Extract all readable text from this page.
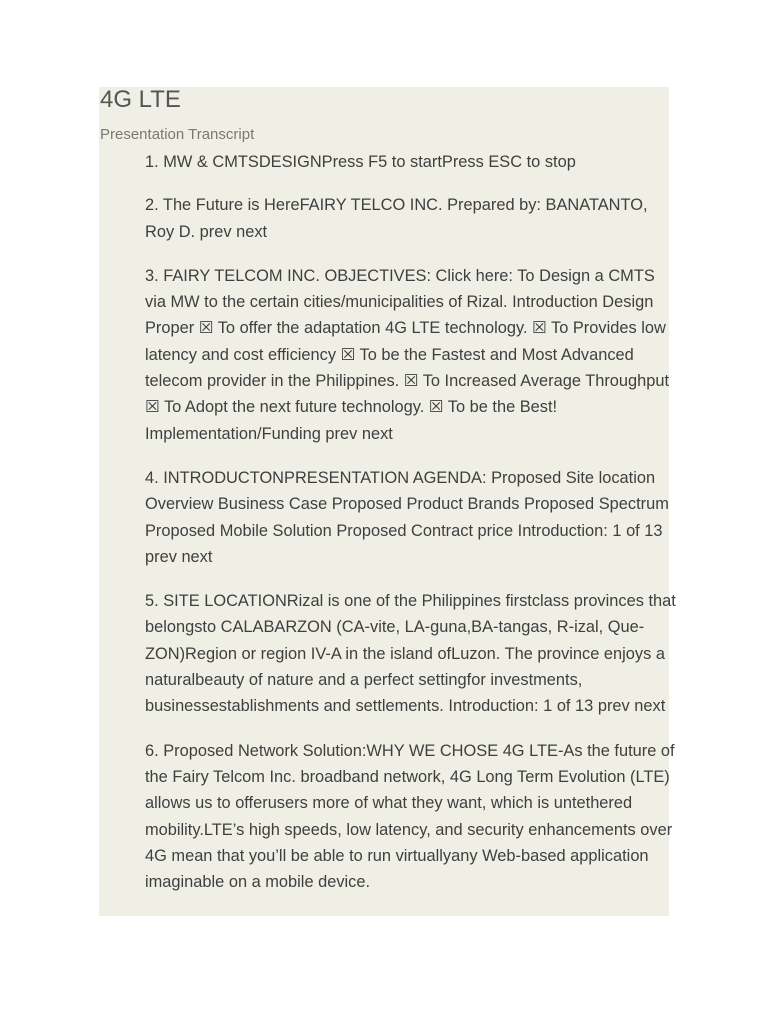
4G LTE
Presentation Transcript

1. MW & CMTSDESIGNPress F5 to startPress ESC to stop

2. The Future is HereFAIRY TELCO INC. Prepared by: BANATANTO, Roy D. prev next

3. FAIRY TELCOM INC. OBJECTIVES: Click here: To Design a CMTS via MW to the certain cities/municipalities of Rizal. Introduction Design Proper ☒ To offer the adaptation 4G LTE technology. ☒ To Provides low latency and cost efficiency ☒ To be the Fastest and Most Advanced telecom provider in the Philippines. ☒ To Increased Average Throughput ☒ To Adopt the next future technology. ☒ To be the Best! Implementation/Funding prev next

4. INTRODUCTONPRESENTATION AGENDA: Proposed Site location Overview Business Case Proposed Product Brands Proposed Spectrum Proposed Mobile Solution Proposed Contract price Introduction: 1 of 13 prev next

5. SITE LOCATIONRizal is one of the Philippines firstclass provinces that belongsto CALABARZON (CA-vite, LA-guna,BA-tangas, R-izal, Que-ZON)Region or region IV-A in the island ofLuzon. The province enjoys a naturalbeauty of nature and a perfect settingfor investments, businessestablishments and settlements. Introduction: 1 of 13 prev next

6. Proposed Network Solution:WHY WE CHOSE 4G LTE-As the future of the Fairy Telcom Inc. broadband network, 4G Long Term Evolution (LTE) allows us to offerusers more of what they want, which is untethered mobility.LTE’s high speeds, low latency, and security enhancements over 4G mean that you’ll be able to run virtuallyany Web-based application imaginable on a mobile device.
